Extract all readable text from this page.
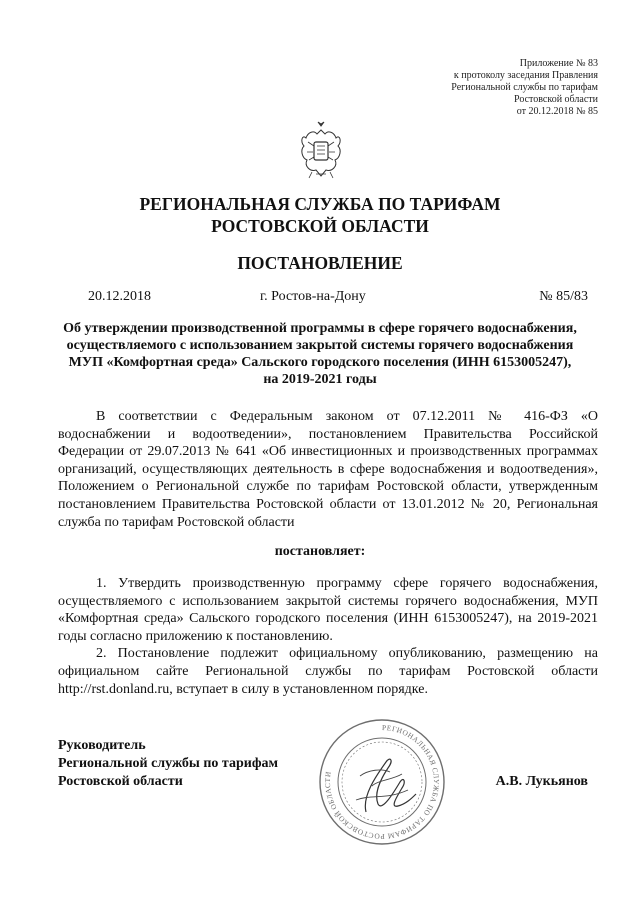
Приложение № 83
к протоколу заседания Правления
Региональной службы по тарифам
Ростовской области
от 20.12.2018 № 85
РЕГИОНАЛЬНАЯ СЛУЖБА ПО ТАРИФАМ
РОСТОВСКОЙ ОБЛАСТИ
ПОСТАНОВЛЕНИЕ
20.12.2018	г. Ростов-на-Дону	№ 85/83
Об утверждении производственной программы в сфере горячего водоснабжения, осуществляемого с использованием закрытой системы горячего водоснабжения МУП «Комфортная среда» Сальского городского поселения (ИНН 6153005247), на 2019-2021 годы

В соответствии с Федеральным законом от 07.12.2011 № 416-ФЗ «О водоснабжении и водоотведении», постановлением Правительства Российской Федерации от 29.07.2013 № 641 «Об инвестиционных и производственных программах организаций, осуществляющих деятельность в сфере водоснабжения и водоотведения», Положением о Региональной службе по тарифам Ростовской области, утвержденным постановлением Правительства Ростовской области от 13.01.2012 № 20, Региональная служба по тарифам Ростовской области

постановляет:

1. Утвердить производственную программу сфере горячего водоснабжения, осуществляемого с использованием закрытой системы горячего водоснабжения, МУП «Комфортная среда» Сальского городского поселения (ИНН 6153005247), на 2019-2021 годы согласно приложению к постановлению.

2. Постановление подлежит официальному опубликованию, размещению на официальном сайте Региональной службы по тарифам Ростовской области http://rst.donland.ru, вступает в силу в установленном порядке.

Руководитель
Региональной службы по тарифам
Ростовской области
РЕГИОНАЛЬНАЯ СЛУЖБА ПО ТАРИФАМ РОСТОВСКОЙ ОБЛАСТИ	А.В. Лукьянов
